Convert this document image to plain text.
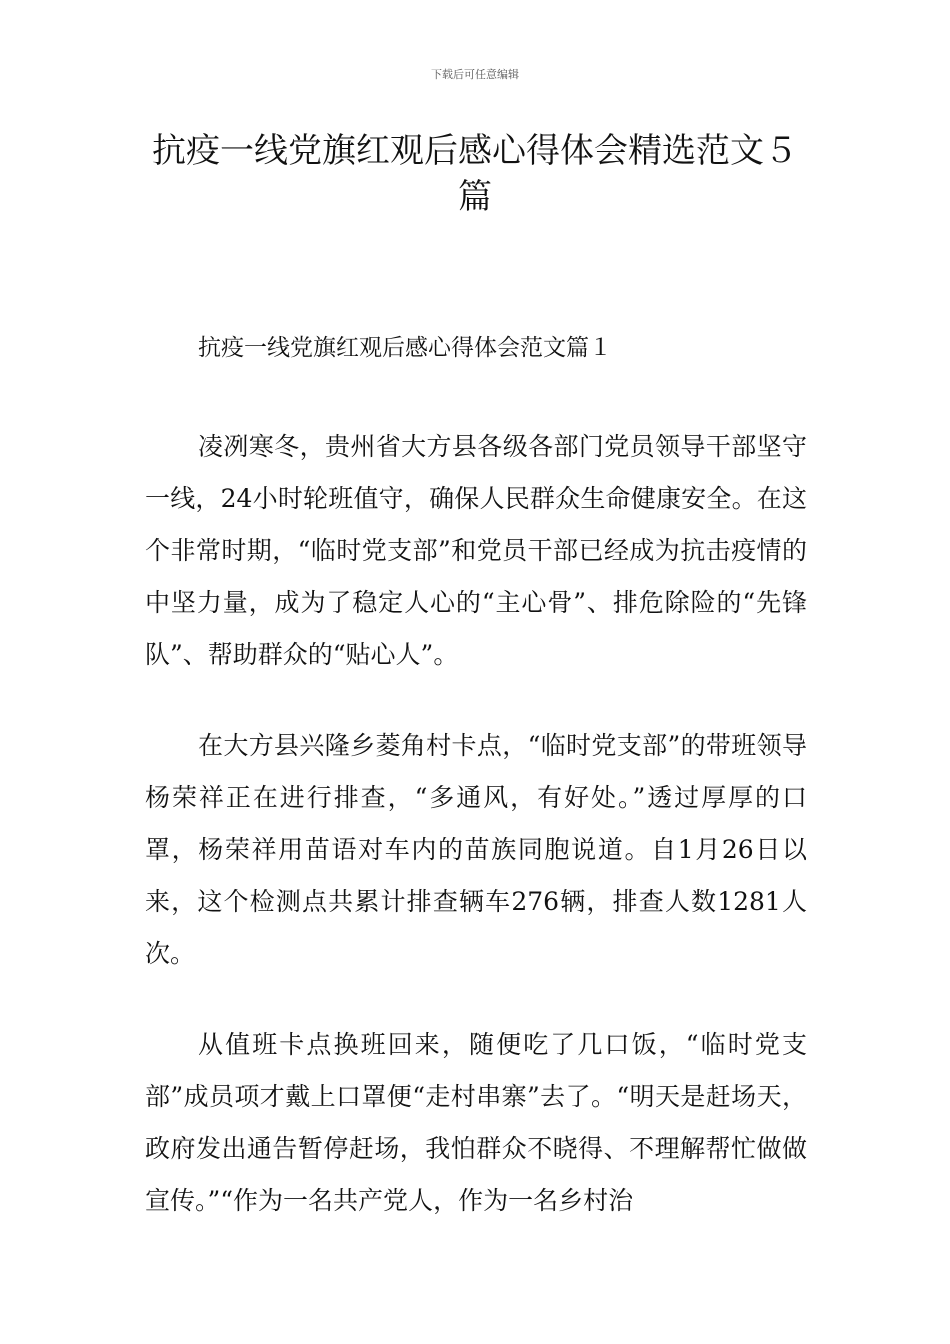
下载后可任意编辑
抗疫一线党旗红观后感心得体会精选范文５篇
抗疫一线党旗红观后感心得体会范文篇１

凌冽寒冬，贵州省大方县各级各部门党员领导干部坚守一线，24小时轮班值守，确保人民群众生命健康安全。在这个非常时期，“临时党支部”和党员干部已经成为抗击疫情的中坚力量，成为了稳定人心的“主心骨”、排危除险的“先锋队”、帮助群众的“贴心人”。

在大方县兴隆乡菱角村卡点，“临时党支部”的带班领导杨荣祥正在进行排查，“多通风，有好处。”透过厚厚的口罩，杨荣祥用苗语对车内的苗族同胞说道。自1月26日以来，这个检测点共累计排查辆车276辆，排查人数1281人次。

从值班卡点换班回来，随便吃了几口饭，“临时党支部”成员项才戴上口罩便“走村串寨”去了。“明天是赶场天，政府发出通告暂停赶场，我怕群众不晓得、不理解帮忙做做宣传。”“作为一名共产党人，作为一名乡村治
